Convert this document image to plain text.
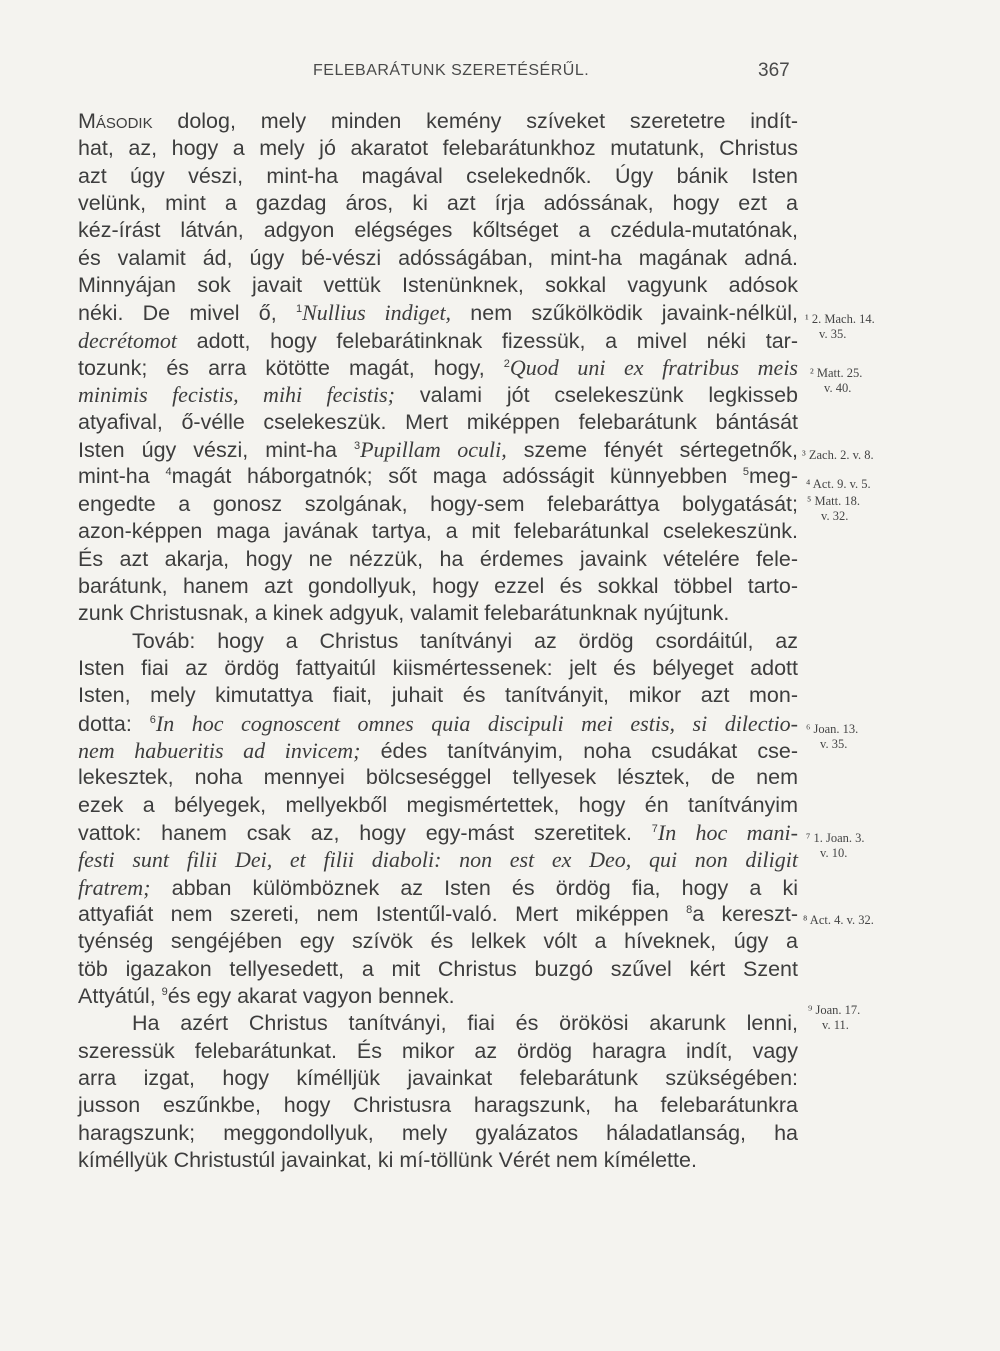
FELEBARÁTUNK SZERETÉSÉRŰL.	367
Második dolog, mely minden kemény szíveket szeretetre indít-
hat, az, hogy a mely jó akaratot felebarátunkhoz mutatunk, Christus
azt úgy vészi, mint-ha magával cselekednők. Úgy bánik Isten
velünk, mint a gazdag áros, ki azt írja adóssának, hogy ezt a
kéz-írást látván, adgyon elégséges kőltséget a czédula-mutatónak,
és valamit ád, úgy bé-vészi adósságában, mint-ha magának adná.
Minnyájan sok javait vettük Istenünknek, sokkal vagyunk adósok
néki. De mivel ő, $^1$Nullius indiget, nem szűkölködik javaink-nélkül,
decrétomot adott, hogy felebarátinknak fizessük, a mivel néki tar-
tozunk; és arra kötötte magát, hogy, $^2$Quod uni ex fratribus meis
minimis fecistis, mihi fecistis; valami jót cselekeszünk legkisseb
atyafival, ő-vélle cselekeszük. Mert miképpen felebarátunk bántását
Isten úgy vészi, mint-ha $^3$Pupillam oculi, szeme fényét sértegetnők,
mint-ha $^4$magát háborgatnók; sőt maga adósságit künnyebben $^5$meg-
engedte a gonosz szolgának, hogy-sem felebaráttya bolygatását;
azon-képpen maga javának tartya, a mit felebarátunkal cselekeszünk.
És azt akarja, hogy ne nézzük, ha érdemes javaink vételére fele-
barátunk, hanem azt gondollyuk, hogy ezzel és sokkal többel tarto-
zunk Christusnak, a kinek adgyuk, valamit felebarátunknak nyújtunk.
Továb: hogy a Christus tanítványi az ördög csordáitúl, az
Isten fiai az ördög fattyaitúl kiismértessenek: jelt és bélyeget adott
Isten, mely kimutattya fiait, juhait és tanítványit, mikor azt mon-
dotta: $^6$In hoc cognoscent omnes quia discipuli mei estis, si dilectio-
nem habueritis ad invicem; édes tanítványim, noha csudákat cse-
lekesztek, noha mennyei bölcseséggel tellyesek lésztek, de nem
ezek a bélyegek, mellyekből megismértettek, hogy én tanítványim
vattok: hanem csak az, hogy egy-mást szeretitek. $^7$In hoc mani-
festi sunt filii Dei, et filii diaboli: non est ex Deo, qui non diligit
fratrem; abban külömböznek az Isten és ördög fia, hogy a ki
attyafiát nem szereti, nem Istentűl-való. Mert miképpen $^8$a kereszt-
tyénség sengéjében egy szívök és lelkek vólt a híveknek, úgy a
töb igazakon tellyesedett, a mit Christus buzgó szűvel kért Szent
Attyátúl, $^9$és egy akarat vagyon bennek.
Ha azért Christus tanítványi, fiai és örökösi akarunk lenni,
szeressük felebarátunkat. És mikor az ördög haragra indít, vagy
arra izgat, hogy kímélljük javainkat felebarátunk szükségében:
jusson eszűnkbe, hogy Christusra haragszunk, ha felebarátunkra
haragszunk; meggondollyuk, mely gyalázatos háladatlanság, ha
kíméllyük Christustúl javainkat, ki mí-töllünk Vérét nem kímélette.
¹ 2. Mach. 14.
v. 35.
² Matt. 25.
v. 40.
³ Zach. 2. v. 8.
⁴ Act. 9. v. 5.
⁵ Matt. 18.
v. 32.
⁶ Joan. 13.
v. 35.
⁷ 1. Joan. 3.
v. 10.
⁸ Act. 4. v. 32.
⁹ Joan. 17.
v. 11.
